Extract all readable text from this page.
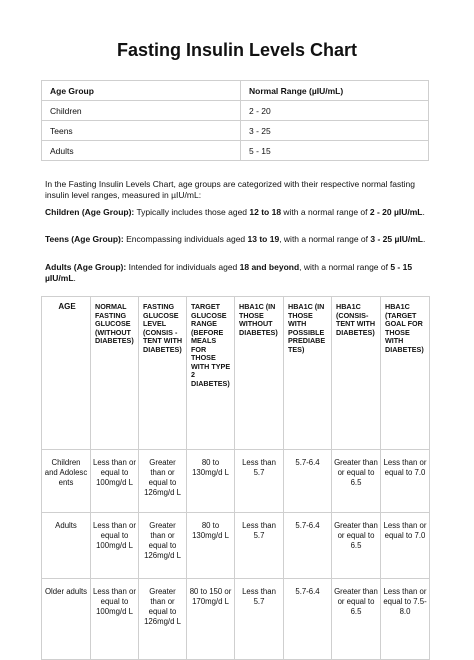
Fasting Insulin Levels Chart
Age Group	Normal Range (µIU/mL)
Children	2 - 20
Teens	3 - 25
Adults	5 - 15

In the Fasting Insulin Levels Chart, age groups are categorized with their respective normal fasting insulin level ranges, measured in µIU/mL:

Children (Age Group): Typically includes those aged 12 to 18 with a normal range of 2 - 20 µIU/mL.

Teens (Age Group): Encompassing individuals aged 13 to 19, with a normal range of 3 - 25 µIU/mL.

Adults (Age Group): Intended for individuals aged 18 and beyond, with a normal range of 5 - 15 µIU/mL.

AGE	NORMAL FASTING GLUCOSE (WITHOUT DIABETES)	FASTING GLUCOSE LEVEL (CONSIS -TENT WITH DIABETES)	TARGET GLUCOSE RANGE (BEFORE MEALS FOR THOSE WITH TYPE 2 DIABETES)	HBA1C (IN THOSE WITHOUT DIABETES)	HBA1C (IN THOSE WITH POSSIBLE PREDIABE TES)	HBA1C (CONSIS- TENT WITH DIABETES)	HBA1C (TARGET GOAL FOR THOSE WITH DIABETES)
Children and Adolesc ents	Less than or equal to 100mg/d L	Greater than or equal to 126mg/d L	80 to 130mg/d L	Less than 5.7	5.7-6.4	Greater than or equal to 6.5	Less than or equal to 7.0
Adults	Less than or equal to 100mg/d L	Greater than or equal to 126mg/d L	80 to 130mg/d L	Less than 5.7	5.7-6.4	Greater than or equal to 6.5	Less than or equal to 7.0
Older adults	Less than or equal to 100mg/d L	Greater than or equal to 126mg/d L	80 to 150 or 170mg/d L	Less than 5.7	5.7-6.4	Greater than or equal to 6.5	Less than or equal to 7.5-8.0
